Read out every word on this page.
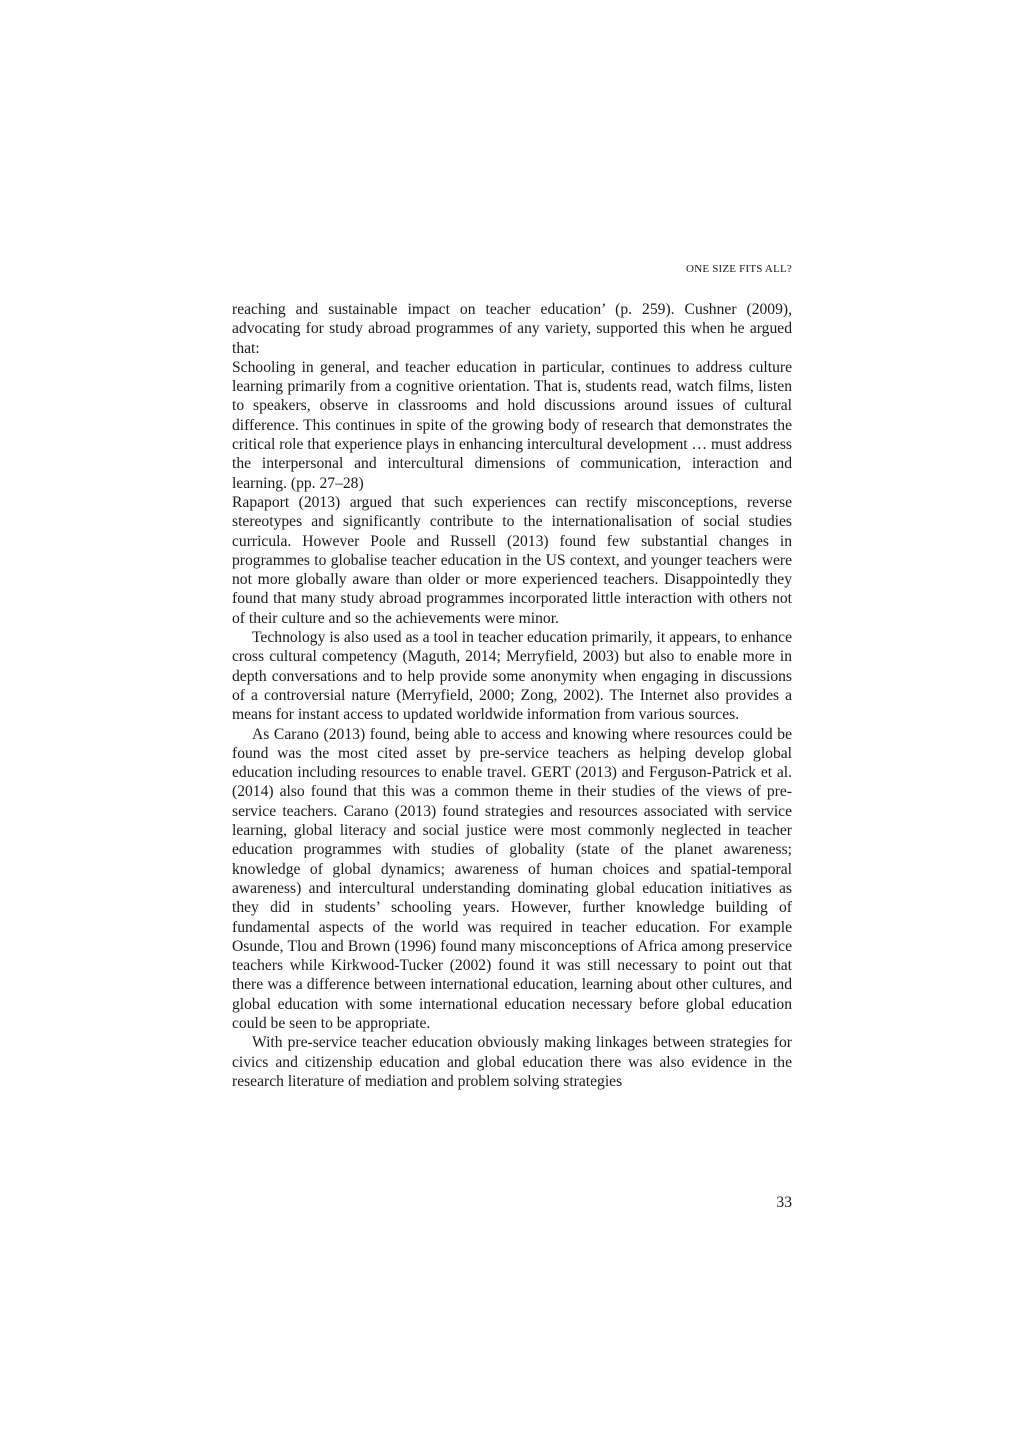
ONE SIZE FITS ALL?

reaching and sustainable impact on teacher education’ (p. 259). Cushner (2009), advocating for study abroad programmes of any variety, supported this when he argued that:

Schooling in general, and teacher education in particular, continues to address culture learning primarily from a cognitive orientation. That is, students read, watch films, listen to speakers, observe in classrooms and hold discussions around issues of cultural difference. This continues in spite of the growing body of research that demonstrates the critical role that experience plays in enhancing intercultural development … must address the interpersonal and intercultural dimensions of communication, interaction and learning. (pp. 27–28)

Rapaport (2013) argued that such experiences can rectify misconceptions, reverse stereotypes and significantly contribute to the internationalisation of social studies curricula. However Poole and Russell (2013) found few substantial changes in programmes to globalise teacher education in the US context, and younger teachers were not more globally aware than older or more experienced teachers. Disappointedly they found that many study abroad programmes incorporated little interaction with others not of their culture and so the achievements were minor.

Technology is also used as a tool in teacher education primarily, it appears, to enhance cross cultural competency (Maguth, 2014; Merryfield, 2003) but also to enable more in depth conversations and to help provide some anonymity when engaging in discussions of a controversial nature (Merryfield, 2000; Zong, 2002). The Internet also provides a means for instant access to updated worldwide information from various sources.

As Carano (2013) found, being able to access and knowing where resources could be found was the most cited asset by pre-service teachers as helping develop global education including resources to enable travel. GERT (2013) and Ferguson-Patrick et al. (2014) also found that this was a common theme in their studies of the views of pre-service teachers. Carano (2013) found strategies and resources associated with service learning, global literacy and social justice were most commonly neglected in teacher education programmes with studies of globality (state of the planet awareness; knowledge of global dynamics; awareness of human choices and spatial-temporal awareness) and intercultural understanding dominating global education initiatives as they did in students’ schooling years. However, further knowledge building of fundamental aspects of the world was required in teacher education. For example Osunde, Tlou and Brown (1996) found many misconceptions of Africa among preservice teachers while Kirkwood-Tucker (2002) found it was still necessary to point out that there was a difference between international education, learning about other cultures, and global education with some international education necessary before global education could be seen to be appropriate.

With pre-service teacher education obviously making linkages between strategies for civics and citizenship education and global education there was also evidence in the research literature of mediation and problem solving strategies

33
